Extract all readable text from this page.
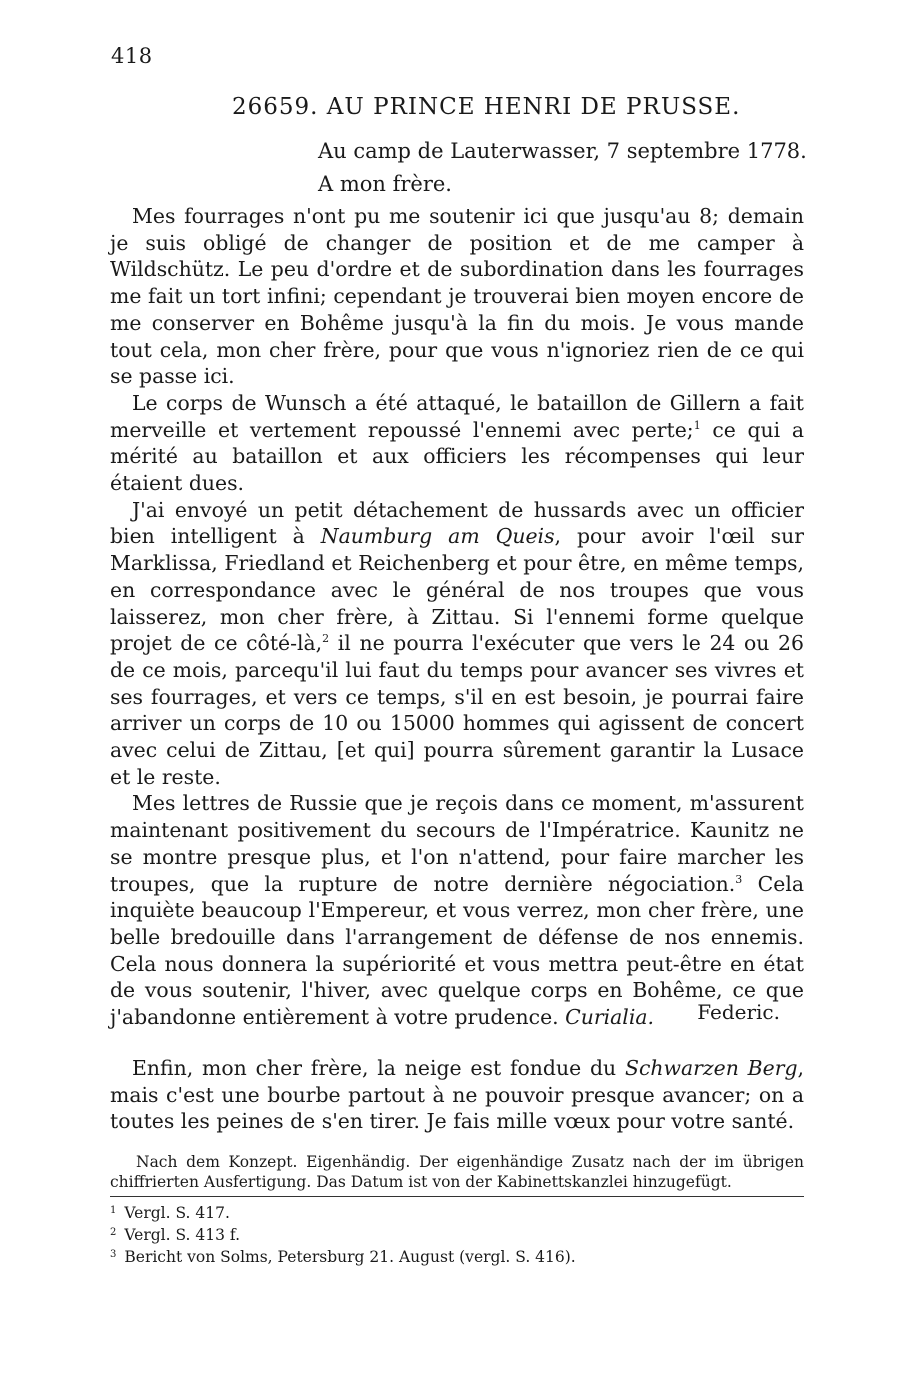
418
26659. AU PRINCE HENRI DE PRUSSE.
Au camp de Lauterwasser, 7 septembre 1778.
A mon frère.

Mes fourrages n'ont pu me soutenir ici que jusqu'au 8; demain je suis obligé de changer de position et de me camper à Wildschütz. Le peu d'ordre et de subordination dans les fourrages me fait un tort infini; cependant je trouverai bien moyen encore de me conserver en Bohême jusqu'à la fin du mois. Je vous mande tout cela, mon cher frère, pour que vous n'ignoriez rien de ce qui se passe ici.

Le corps de Wunsch a été attaqué, le bataillon de Gillern a fait merveille et vertement repoussé l'ennemi avec perte;$^1$ ce qui a mérité au bataillon et aux officiers les récompenses qui leur étaient dues.

J'ai envoyé un petit détachement de hussards avec un officier bien intelligent à Naumburg am Queis, pour avoir l'œil sur Marklissa, Friedland et Reichenberg et pour être, en même temps, en correspondance avec le général de nos troupes que vous laisserez, mon cher frère, à Zittau. Si l'ennemi forme quelque projet de ce côté-là,$^2$ il ne pourra l'exécuter que vers le 24 ou 26 de ce mois, parcequ'il lui faut du temps pour avancer ses vivres et ses fourrages, et vers ce temps, s'il en est besoin, je pourrai faire arriver un corps de 10 ou 15000 hommes qui agissent de concert avec celui de Zittau, [et qui] pourra sûrement garantir la Lusace et le reste.

Mes lettres de Russie que je reçois dans ce moment, m'assurent maintenant positivement du secours de l'Impératrice. Kaunitz ne se montre presque plus, et l'on n'attend, pour faire marcher les troupes, que la rupture de notre dernière négociation.$^3$ Cela inquiète beaucoup l'Empereur, et vous verrez, mon cher frère, une belle bredouille dans l'arrangement de défense de nos ennemis. Cela nous donnera la supériorité et vous mettra peut-être en état de vous soutenir, l'hiver, avec quelque corps en Bohême, ce que j'abandonne entièrement à votre prudence. Curialia.	Federic.

Enfin, mon cher frère, la neige est fondue du Schwarzen Berg, mais c'est une bourbe partout à ne pouvoir presque avancer; on a toutes les peines de s'en tirer. Je fais mille vœux pour votre santé.

Nach dem Konzept. Eigenhändig. Der eigenhändige Zusatz nach der im übrigen chiffrierten Ausfertigung. Das Datum ist von der Kabinettskanzlei hinzugefügt.

$^1$ Vergl. S. 417.
$^2$ Vergl. S. 413 f.
$^3$ Bericht von Solms, Petersburg 21. August (vergl. S. 416).
